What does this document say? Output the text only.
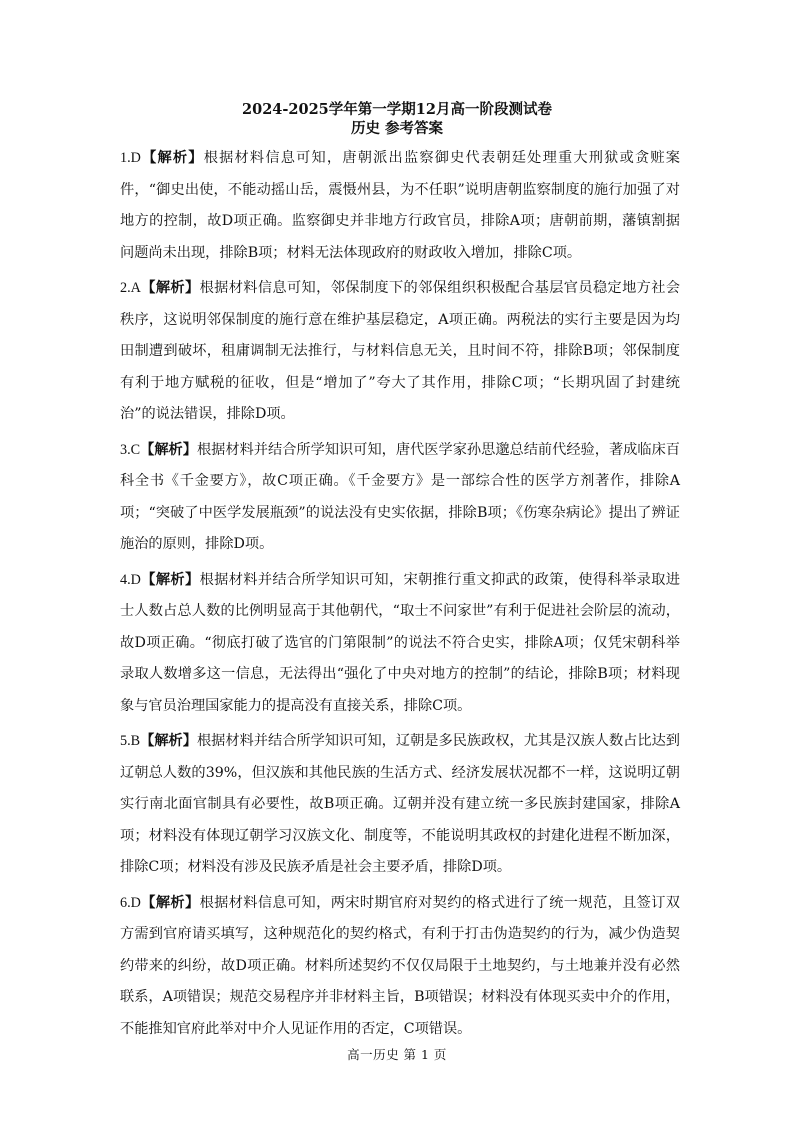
2024-2025学年第一学期12月高一阶段测试卷

历史 参考答案

1.D【解析】根据材料信息可知，唐朝派出监察御史代表朝廷处理重大刑狱或贪赃案件，“御史出使，不能动摇山岳，震慑州县，为不任职”说明唐朝监察制度的施行加强了对地方的控制，故D项正确。监察御史并非地方行政官员，排除A项；唐朝前期，藩镇割据问题尚未出现，排除B项；材料无法体现政府的财政收入增加，排除C项。

2.A【解析】根据材料信息可知，邻保制度下的邻保组织积极配合基层官员稳定地方社会秩序，这说明邻保制度的施行意在维护基层稳定，A项正确。两税法的实行主要是因为均田制遭到破坏，租庸调制无法推行，与材料信息无关，且时间不符，排除B项；邻保制度有利于地方赋税的征收，但是“增加了”夸大了其作用，排除C项；“长期巩固了封建统治”的说法错误，排除D项。

3.C【解析】根据材料并结合所学知识可知，唐代医学家孙思邈总结前代经验，著成临床百科全书《千金要方》，故C项正确。《千金要方》是一部综合性的医学方剂著作，排除A项；“突破了中医学发展瓶颈”的说法没有史实依据，排除B项；《伤寒杂病论》提出了辨证施治的原则，排除D项。

4.D【解析】根据材料并结合所学知识可知，宋朝推行重文抑武的政策，使得科举录取进士人数占总人数的比例明显高于其他朝代，“取士不问家世”有利于促进社会阶层的流动，故D项正确。“彻底打破了选官的门第限制”的说法不符合史实，排除A项；仅凭宋朝科举录取人数增多这一信息，无法得出“强化了中央对地方的控制”的结论，排除B项；材料现象与官员治理国家能力的提高没有直接关系，排除C项。

5.B【解析】根据材料并结合所学知识可知，辽朝是多民族政权，尤其是汉族人数占比达到辽朝总人数的39%，但汉族和其他民族的生活方式、经济发展状况都不一样，这说明辽朝实行南北面官制具有必要性，故B项正确。辽朝并没有建立统一多民族封建国家，排除A项；材料没有体现辽朝学习汉族文化、制度等，不能说明其政权的封建化进程不断加深，排除C项；材料没有涉及民族矛盾是社会主要矛盾，排除D项。

6.D【解析】根据材料信息可知，两宋时期官府对契约的格式进行了统一规范，且签订双方需到官府请买填写，这种规范化的契约格式，有利于打击伪造契约的行为，减少伪造契约带来的纠纷，故D项正确。材料所述契约不仅仅局限于土地契约，与土地兼并没有必然联系，A项错误；规范交易程序并非材料主旨，B项错误；材料没有体现买卖中介的作用，不能推知官府此举对中介人见证作用的否定，C项错误。

高一历史 第 1 页
